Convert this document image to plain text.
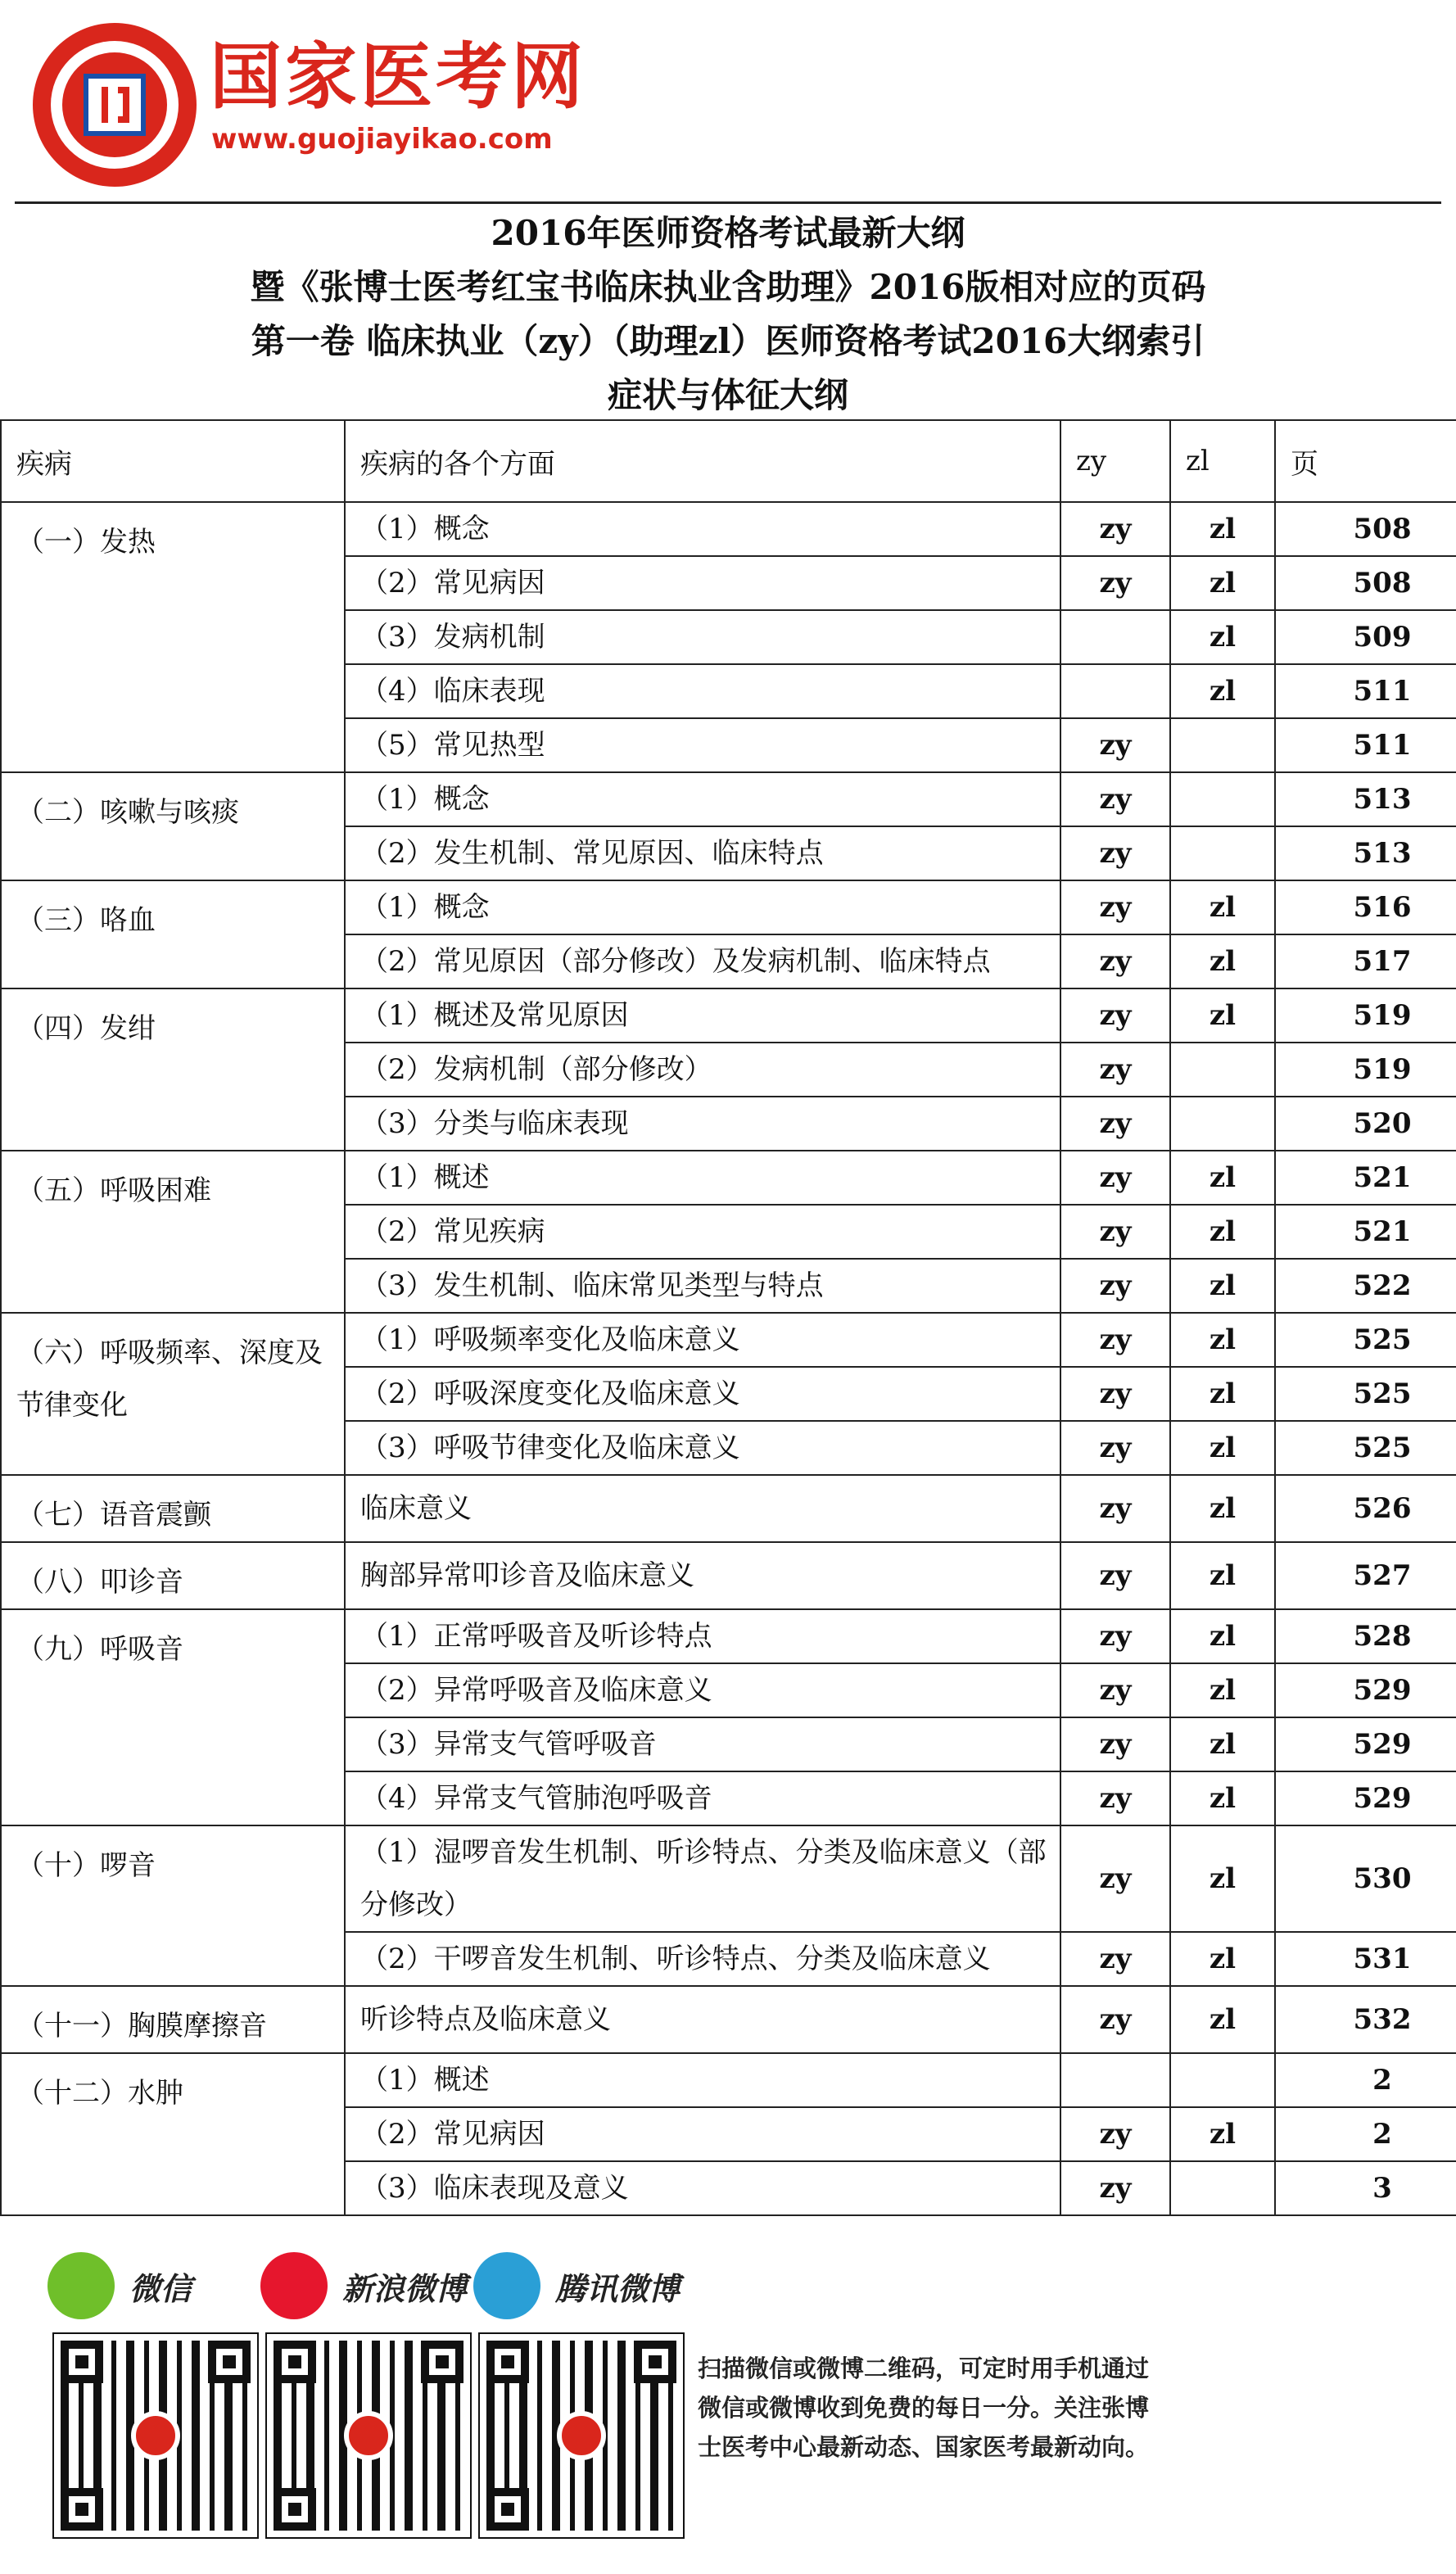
国家医考网
www.guojiayikao.com
2016年医师资格考试最新大纲
暨《张博士医考红宝书临床执业含助理》2016版相对应的页码
第一卷 临床执业（zy）（助理zl）医师资格考试2016大纲索引
症状与体征大纲
疾病	疾病的各个方面	zy	zl	页
（一）发热	（1）概念	zy	zl	508
	（2）常见病因	zy	zl	508
	（3）发病机制		zl	509
	（4）临床表现		zl	511
	（5）常见热型	zy		511
（二）咳嗽与咳痰	（1）概念	zy		513
	（2）发生机制、常见原因、临床特点	zy		513
（三）咯血	（1）概念	zy	zl	516
	（2）常见原因（部分修改）及发病机制、临床特点	zy	zl	517
（四）发绀	（1）概述及常见原因	zy	zl	519
	（2）发病机制（部分修改）	zy		519
	（3）分类与临床表现	zy		520
（五）呼吸困难	（1）概述	zy	zl	521
	（2）常见疾病	zy	zl	521
	（3）发生机制、临床常见类型与特点	zy	zl	522
（六）呼吸频率、深度及节律变化	（1）呼吸频率变化及临床意义	zy	zl	525
	（2）呼吸深度变化及临床意义	zy	zl	525
	（3）呼吸节律变化及临床意义	zy	zl	525
（七）语音震颤	临床意义	zy	zl	526
（八）叩诊音	胸部异常叩诊音及临床意义	zy	zl	527
（九）呼吸音	（1）正常呼吸音及听诊特点	zy	zl	528
	（2）异常呼吸音及临床意义	zy	zl	529
	（3）异常支气管呼吸音	zy	zl	529
	（4）异常支气管肺泡呼吸音	zy	zl	529
（十）啰音	（1）湿啰音发生机制、听诊特点、分类及临床意义（部分修改）	zy	zl	530
	（2）干啰音发生机制、听诊特点、分类及临床意义	zy	zl	531
（十一）胸膜摩擦音	听诊特点及临床意义	zy	zl	532
（十二）水肿	（1）概述			2
	（2）常见病因	zy	zl	2
	（3）临床表现及意义	zy		3
微信	新浪微博	腾讯微博
扫描微信或微博二维码，可定时用手机通过微信或微博收到免费的每日一分。关注张博士医考中心最新动态、国家医考最新动向。
